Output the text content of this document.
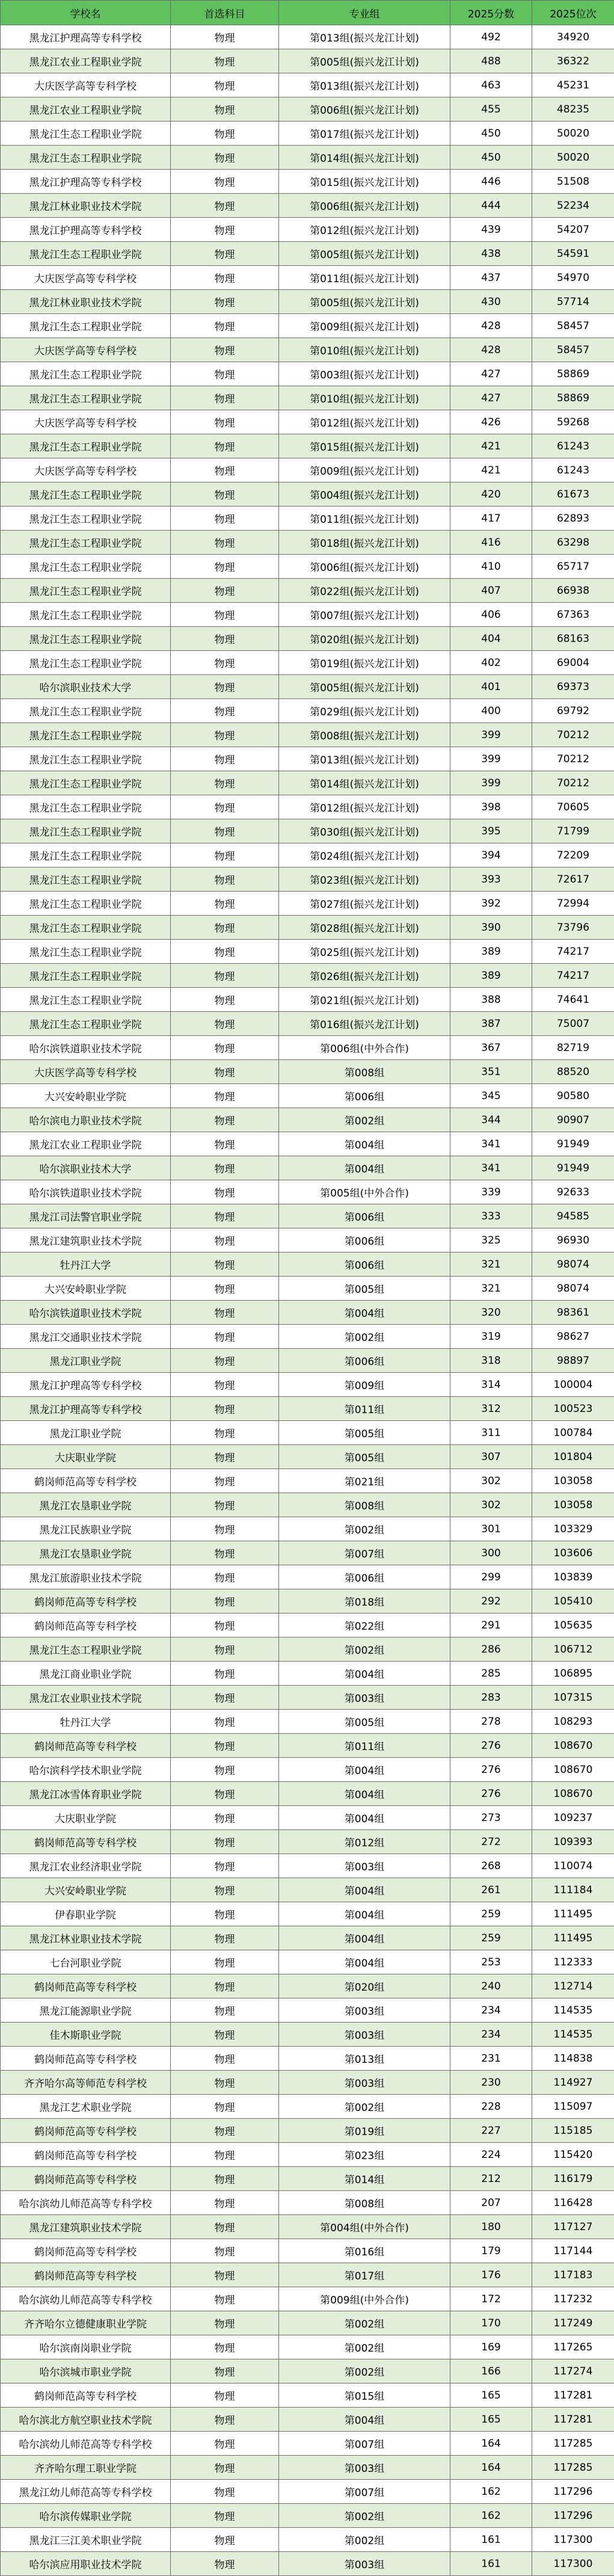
学校名	首选科目	专业组	2025分数	2025位次
黑龙江护理高等专科学校	物理	第013组(振兴龙江计划)	492	34920
黑龙江农业工程职业学院	物理	第005组(振兴龙江计划)	488	36322
大庆医学高等专科学校	物理	第013组(振兴龙江计划)	463	45231
黑龙江农业工程职业学院	物理	第006组(振兴龙江计划)	455	48235
黑龙江生态工程职业学院	物理	第017组(振兴龙江计划)	450	50020
黑龙江生态工程职业学院	物理	第014组(振兴龙江计划)	450	50020
黑龙江护理高等专科学校	物理	第015组(振兴龙江计划)	446	51508
黑龙江林业职业技术学院	物理	第006组(振兴龙江计划)	444	52234
黑龙江护理高等专科学校	物理	第012组(振兴龙江计划)	439	54207
黑龙江生态工程职业学院	物理	第005组(振兴龙江计划)	438	54591
大庆医学高等专科学校	物理	第011组(振兴龙江计划)	437	54970
黑龙江林业职业技术学院	物理	第005组(振兴龙江计划)	430	57714
黑龙江生态工程职业学院	物理	第009组(振兴龙江计划)	428	58457
大庆医学高等专科学校	物理	第010组(振兴龙江计划)	428	58457
黑龙江生态工程职业学院	物理	第003组(振兴龙江计划)	427	58869
黑龙江生态工程职业学院	物理	第010组(振兴龙江计划)	427	58869
大庆医学高等专科学校	物理	第012组(振兴龙江计划)	426	59268
黑龙江生态工程职业学院	物理	第015组(振兴龙江计划)	421	61243
大庆医学高等专科学校	物理	第009组(振兴龙江计划)	421	61243
黑龙江生态工程职业学院	物理	第004组(振兴龙江计划)	420	61673
黑龙江生态工程职业学院	物理	第011组(振兴龙江计划)	417	62893
黑龙江生态工程职业学院	物理	第018组(振兴龙江计划)	416	63298
黑龙江生态工程职业学院	物理	第006组(振兴龙江计划)	410	65717
黑龙江生态工程职业学院	物理	第022组(振兴龙江计划)	407	66938
黑龙江生态工程职业学院	物理	第007组(振兴龙江计划)	406	67363
黑龙江生态工程职业学院	物理	第020组(振兴龙江计划)	404	68163
黑龙江生态工程职业学院	物理	第019组(振兴龙江计划)	402	69004
哈尔滨职业技术大学	物理	第005组(振兴龙江计划)	401	69373
黑龙江生态工程职业学院	物理	第029组(振兴龙江计划)	400	69792
黑龙江生态工程职业学院	物理	第008组(振兴龙江计划)	399	70212
黑龙江生态工程职业学院	物理	第013组(振兴龙江计划)	399	70212
黑龙江生态工程职业学院	物理	第014组(振兴龙江计划)	399	70212
黑龙江生态工程职业学院	物理	第012组(振兴龙江计划)	398	70605
黑龙江生态工程职业学院	物理	第030组(振兴龙江计划)	395	71799
黑龙江生态工程职业学院	物理	第024组(振兴龙江计划)	394	72209
黑龙江生态工程职业学院	物理	第023组(振兴龙江计划)	393	72617
黑龙江生态工程职业学院	物理	第027组(振兴龙江计划)	392	72994
黑龙江生态工程职业学院	物理	第028组(振兴龙江计划)	390	73796
黑龙江生态工程职业学院	物理	第025组(振兴龙江计划)	389	74217
黑龙江生态工程职业学院	物理	第026组(振兴龙江计划)	389	74217
黑龙江生态工程职业学院	物理	第021组(振兴龙江计划)	388	74641
黑龙江生态工程职业学院	物理	第016组(振兴龙江计划)	387	75007
哈尔滨铁道职业技术学院	物理	第006组(中外合作)	367	82719
大庆医学高等专科学校	物理	第008组	351	88520
大兴安岭职业学院	物理	第006组	345	90580
哈尔滨电力职业技术学院	物理	第002组	344	90907
黑龙江农业工程职业学院	物理	第004组	341	91949
哈尔滨职业技术大学	物理	第004组	341	91949
哈尔滨铁道职业技术学院	物理	第005组(中外合作)	339	92633
黑龙江司法警官职业学院	物理	第006组	333	94585
黑龙江建筑职业技术学院	物理	第006组	325	96930
牡丹江大学	物理	第006组	321	98074
大兴安岭职业学院	物理	第005组	321	98074
哈尔滨铁道职业技术学院	物理	第004组	320	98361
黑龙江交通职业技术学院	物理	第002组	319	98627
黑龙江职业学院	物理	第006组	318	98897
黑龙江护理高等专科学校	物理	第009组	314	100004
黑龙江护理高等专科学校	物理	第011组	312	100523
黑龙江职业学院	物理	第005组	311	100784
大庆职业学院	物理	第005组	307	101804
鹤岗师范高等专科学校	物理	第021组	302	103058
黑龙江农垦职业学院	物理	第008组	302	103058
黑龙江民族职业学院	物理	第002组	301	103329
黑龙江农垦职业学院	物理	第007组	300	103606
黑龙江旅游职业技术学院	物理	第006组	299	103839
鹤岗师范高等专科学校	物理	第018组	292	105410
鹤岗师范高等专科学校	物理	第022组	291	105635
黑龙江生态工程职业学院	物理	第002组	286	106712
黑龙江商业职业学院	物理	第004组	285	106895
黑龙江农业职业技术学院	物理	第003组	283	107315
牡丹江大学	物理	第005组	278	108293
鹤岗师范高等专科学校	物理	第011组	276	108670
哈尔滨科学技术职业学院	物理	第004组	276	108670
黑龙江冰雪体育职业学院	物理	第004组	276	108670
大庆职业学院	物理	第004组	273	109237
鹤岗师范高等专科学校	物理	第012组	272	109393
黑龙江农业经济职业学院	物理	第003组	268	110074
大兴安岭职业学院	物理	第004组	261	111184
伊春职业学院	物理	第004组	259	111495
黑龙江林业职业技术学院	物理	第004组	259	111495
七台河职业学院	物理	第004组	253	112333
鹤岗师范高等专科学校	物理	第020组	240	112714
黑龙江能源职业学院	物理	第003组	234	114535
佳木斯职业学院	物理	第003组	234	114535
鹤岗师范高等专科学校	物理	第013组	231	114838
齐齐哈尔高等师范专科学校	物理	第003组	230	114927
黑龙江艺术职业学院	物理	第002组	228	115097
鹤岗师范高等专科学校	物理	第019组	227	115185
鹤岗师范高等专科学校	物理	第023组	224	115420
鹤岗师范高等专科学校	物理	第014组	212	116179
哈尔滨幼儿师范高等专科学校	物理	第008组	207	116428
黑龙江建筑职业技术学院	物理	第004组(中外合作)	180	117127
鹤岗师范高等专科学校	物理	第016组	179	117144
鹤岗师范高等专科学校	物理	第017组	176	117183
哈尔滨幼儿师范高等专科学校	物理	第009组(中外合作)	172	117232
齐齐哈尔立德健康职业学院	物理	第002组	170	117249
哈尔滨南岗职业学院	物理	第002组	169	117265
哈尔滨城市职业学院	物理	第002组	166	117274
鹤岗师范高等专科学校	物理	第015组	165	117281
哈尔滨北方航空职业技术学院	物理	第004组	165	117281
哈尔滨幼儿师范高等专科学校	物理	第007组	164	117285
齐齐哈尔理工职业学院	物理	第003组	164	117285
黑龙江幼儿师范高等专科学校	物理	第007组	162	117296
哈尔滨传媒职业学院	物理	第002组	162	117296
黑龙江三江美术职业学院	物理	第002组	161	117300
哈尔滨应用职业技术学院	物理	第003组	161	117300
